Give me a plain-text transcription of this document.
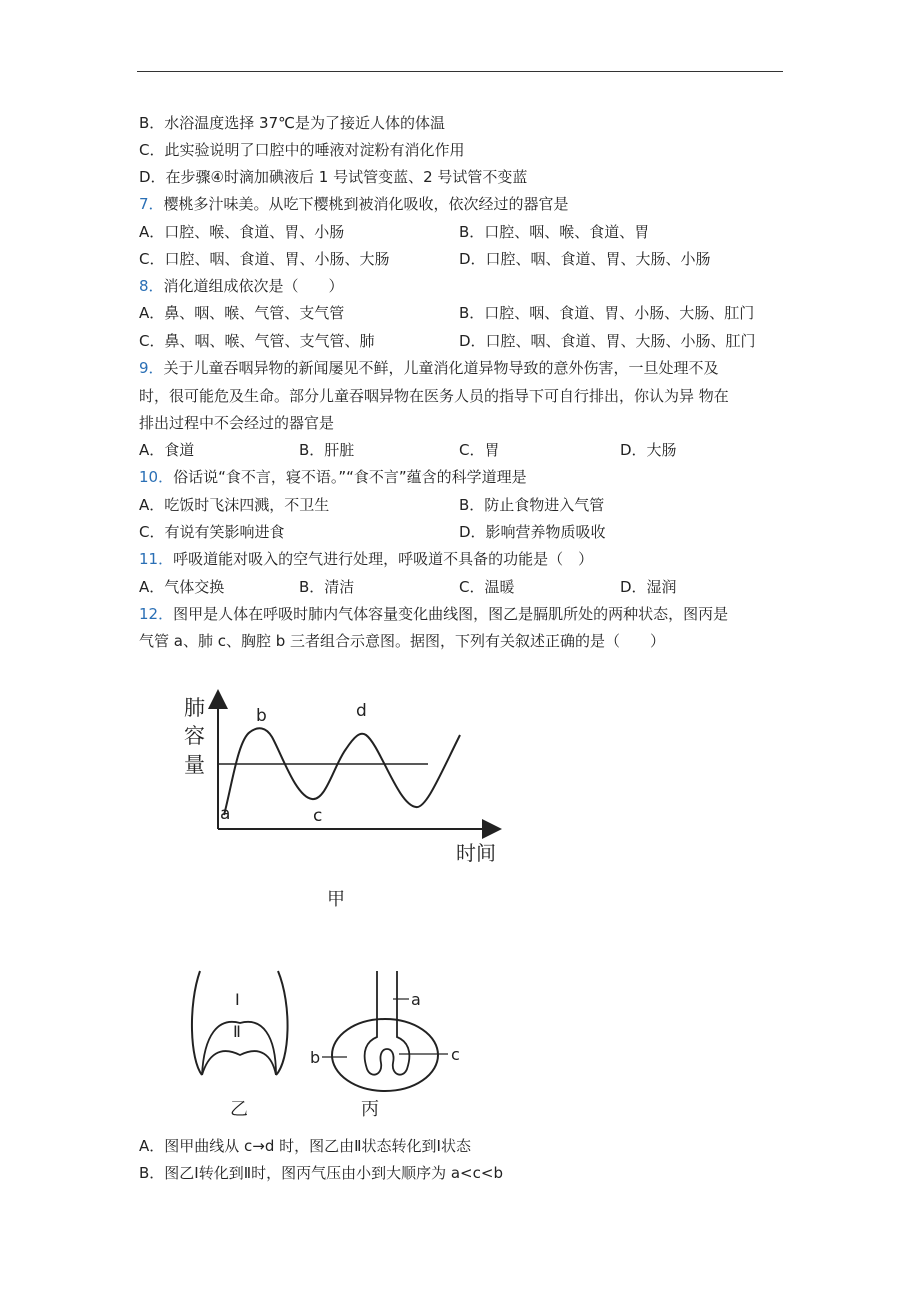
B．水浴温度选择 37℃是为了接近人体的体温
C．此实验说明了口腔中的唾液对淀粉有消化作用
D．在步骤④时滴加碘液后 1 号试管变蓝、2 号试管不变蓝
7．樱桃多汁味美。从吃下樱桃到被消化吸收，依次经过的器官是
A．口腔、喉、食道、胃、小肠	B．口腔、咽、喉、食道、胃
C．口腔、咽、食道、胃、小肠、大肠	D．口腔、咽、食道、胃、大肠、小肠
8．消化道组成依次是（　　）
A．鼻、咽、喉、气管、支气管	B．口腔、咽、食道、胃、小肠、大肠、肛门
C．鼻、咽、喉、气管、支气管、肺	D．口腔、咽、食道、胃、大肠、小肠、肛门
9．关于儿童吞咽异物的新闻屡见不鲜，儿童消化道异物导致的意外伤害，一旦处理不及
时，很可能危及生命。部分儿童吞咽异物在医务人员的指导下可自行排出，你认为异 物在
排出过程中不会经过的器官是
A．食道	B．肝脏	C．胃	D．大肠
10．俗话说“食不言，寝不语。”“食不言”蕴含的科学道理是
A．吃饭时飞沫四溅，不卫生	B．防止食物进入气管
C．有说有笑影响进食	D．影响营养物质吸收
11．呼吸道能对吸入的空气进行处理，呼吸道不具备的功能是（　）
A．气体交换	B．清洁	C．温暖	D．湿润
12．图甲是人体在呼吸时肺内气体容量变化曲线图，图乙是膈肌所处的两种状态，图丙是
气管 a、肺 c、胸腔 b 三者组合示意图。据图，下列有关叙述正确的是（　　）
肺
容
量
b	d
a	c
时间
甲
Ⅰ
Ⅱ
乙
a
b	c
丙
A．图甲曲线从 c→d 时，图乙由Ⅱ状态转化到Ⅰ状态
B．图乙Ⅰ转化到Ⅱ时，图丙气压由小到大顺序为 a<c<b
